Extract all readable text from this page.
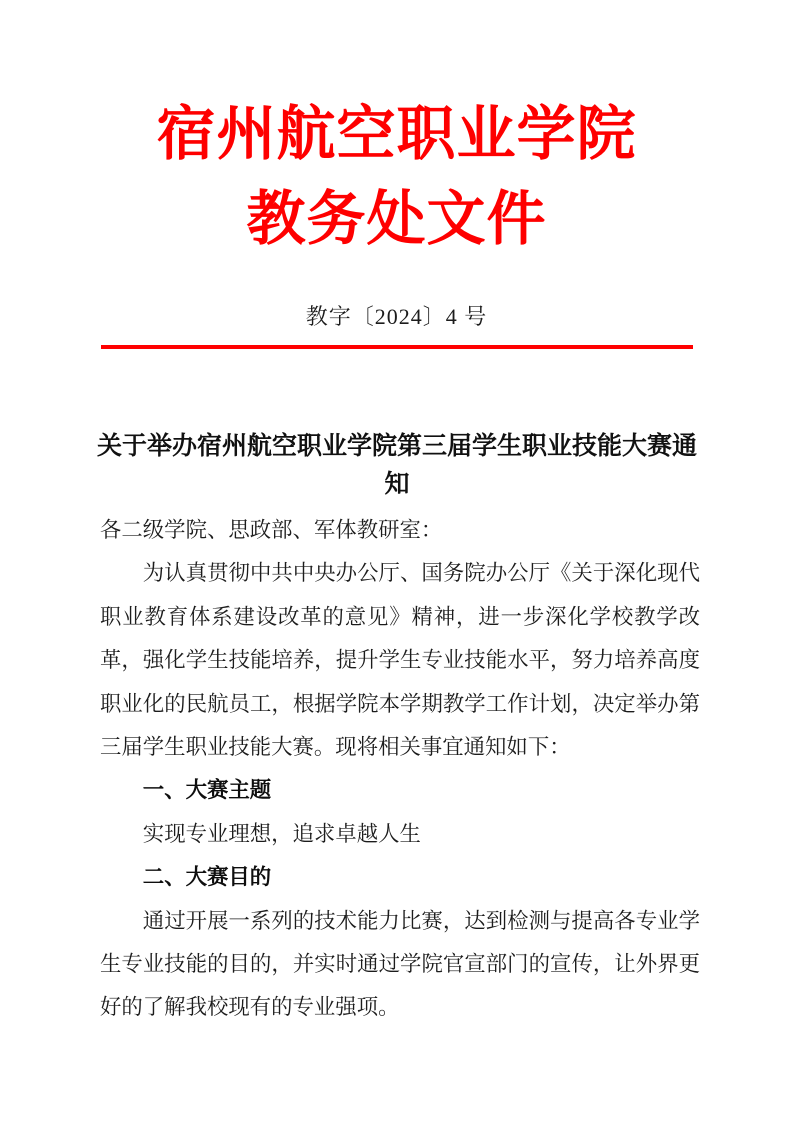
宿州航空职业学院
教务处文件
教字〔2024〕4 号
关于举办宿州航空职业学院第三届学生职业技能大赛通知

各二级学院、思政部、军体教研室：

为认真贯彻中共中央办公厅、国务院办公厅《关于深化现代职业教育体系建设改革的意见》精神，进一步深化学校教学改革，强化学生技能培养，提升学生专业技能水平，努力培养高度职业化的民航员工，根据学院本学期教学工作计划，决定举办第三届学生职业技能大赛。现将相关事宜通知如下：

一、大赛主题

实现专业理想，追求卓越人生

二、大赛目的

通过开展一系列的技术能力比赛，达到检测与提高各专业学生专业技能的目的，并实时通过学院官宣部门的宣传，让外界更好的了解我校现有的专业强项。
